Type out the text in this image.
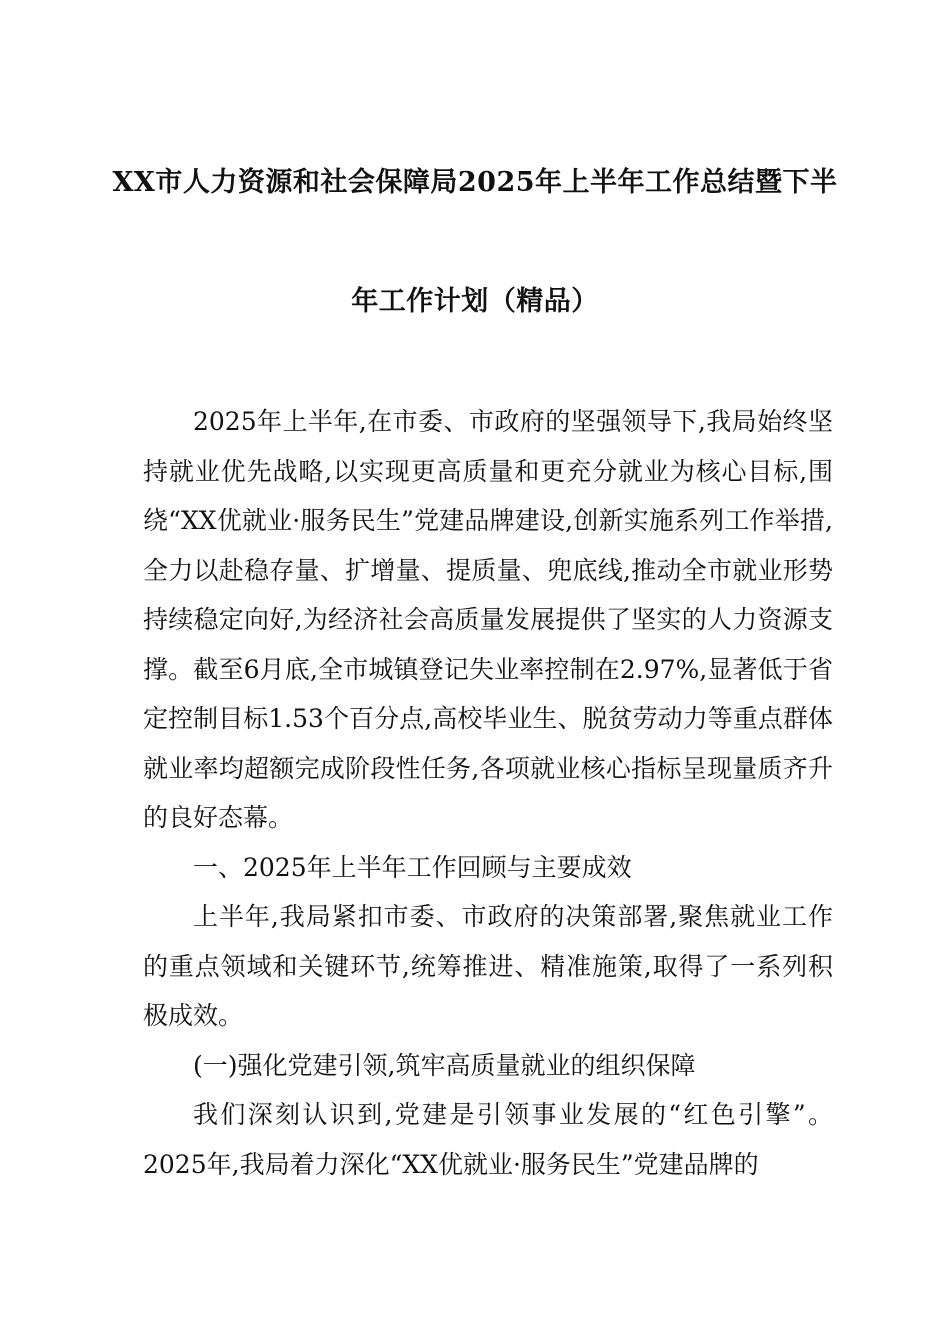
XX市人力资源和社会保障局2025年上半年工作总结暨下半
年工作计划（精品）

2025年上半年,在市委、市政府的坚强领导下,我局始终坚持就业优先战略,以实现更高质量和更充分就业为核心目标,围绕“XX优就业·服务民生”党建品牌建设,创新实施系列工作举措,全力以赴稳存量、扩增量、提质量、兜底线,推动全市就业形势持续稳定向好,为经济社会高质量发展提供了坚实的人力资源支撑。截至6月底,全市城镇登记失业率控制在2.97%,显著低于省定控制目标1.53个百分点,高校毕业生、脱贫劳动力等重点群体就业率均超额完成阶段性任务,各项就业核心指标呈现量质齐升的良好态幕。

一、2025年上半年工作回顾与主要成效

上半年,我局紧扣市委、市政府的决策部署,聚焦就业工作的重点领域和关键环节,统筹推进、精准施策,取得了一系列积极成效。

(一)强化党建引领,筑牢高质量就业的组织保障

我们深刻认识到,党建是引领事业发展的“红色引擎”。2025年,我局着力深化“XX优就业·服务民生”党建品牌的
